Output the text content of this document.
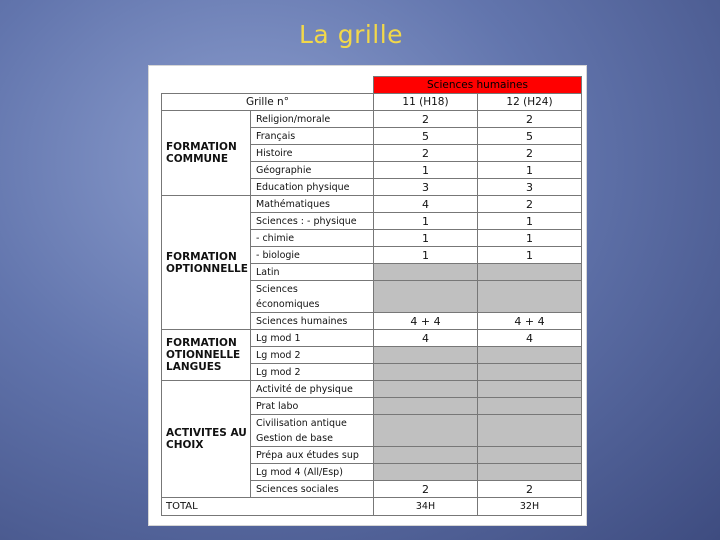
La grille
		Sciences humaines	
Grille n°		11 (H18)	12 (H24)

FORMATION
COMMUNE	Religion/morale	2	2
	Français	5	5
	Histoire	2	2
	Géographie	1	1
	Education physique	3	3

FORMATION
OPTIONNELLE	Mathématiques	4	2
	Sciences : - physique	1	1
	- chimie	1	1
	- biologie	1	1
	Latin		

	Sciences
économiques		

	Sciences humaines	4 + 4	4 + 4

FORMATION
OTIONNELLE
LANGUES	Lg mod 1	4	4
	Lg mod 2		
	Lg mod 2		

ACTIVITES AU
CHOIX	Activité de physique		
	Prat labo		

	Civilisation antique
Gestion de base		

	Prépa aux études sup		
	Lg mod 4 (All/Esp)		
	Sciences sociales	2	2
TOTAL		34H	32H
